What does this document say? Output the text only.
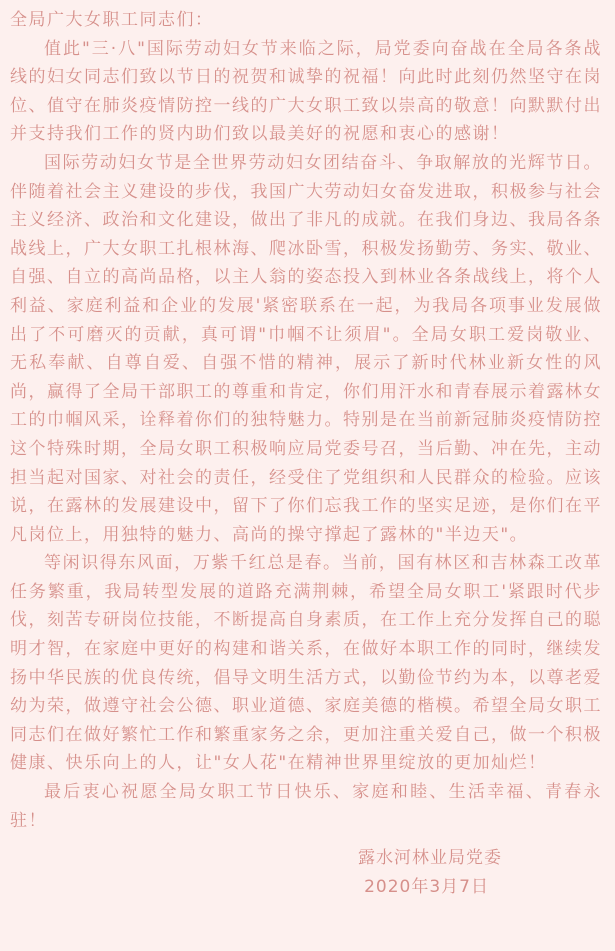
全局广大女职工同志们：

值此"三·八"国际劳动妇女节来临之际，局党委向奋战在全局各条战线的妇女同志们致以节日的祝贺和诚挚的祝福！向此时此刻仍然坚守在岗位、值守在肺炎疫情防控一线的广大女职工致以崇高的敬意！向默默付出并支持我们工作的贤内助们致以最美好的祝愿和衷心的感谢！

国际劳动妇女节是全世界劳动妇女团结奋斗、争取解放的光辉节日。伴随着社会主义建设的步伐，我国广大劳动妇女奋发进取，积极参与社会主义经济、政治和文化建设，做出了非凡的成就。在我们身边、我局各条战线上，广大女职工扎根林海、爬冰卧雪，积极发扬勤劳、务实、敬业、自强、自立的高尚品格，以主人翁的姿态投入到林业各条战线上，将个人利益、家庭利益和企业的发展'紧密联系在一起，为我局各项事业发展做出了不可磨灭的贡献，真可谓"巾帼不让须眉"。全局女职工爱岗敬业、无私奉献、自尊自爱、自强不惜的精神，展示了新时代林业新女性的风尚，赢得了全局干部职工的尊重和肯定，你们用汗水和青春展示着露林女工的巾帼风采，诠释着你们的独特魅力。特别是在当前新冠肺炎疫情防控这个特殊时期，全局女职工积极响应局党委号召，当后勤、冲在先，主动担当起对国家、对社会的责任，经受住了党组织和人民群众的检验。应该说，在露林的发展建设中，留下了你们忘我工作的坚实足迹，是你们在平凡岗位上，用独特的魅力、高尚的操守撑起了露林的"半边天"。

等闲识得东风面，万紫千红总是春。当前，国有林区和吉林森工改革任务繁重，我局转型发展的道路充满荆棘，希望全局女职工'紧跟时代步伐，刻苦专研岗位技能，不断提高自身素质，在工作上充分发挥自己的聪明才智，在家庭中更好的构建和谐关系，在做好本职工作的同时，继续发扬中华民族的优良传统，倡导文明生活方式，以勤俭节约为本，以尊老爱幼为荣，做遵守社会公德、职业道德、家庭美德的楷模。希望全局女职工同志们在做好繁忙工作和繁重家务之余，更加注重关爱自己，做一个积极健康、快乐向上的人，让"女人花"在精神世界里绽放的更加灿烂！

最后衷心祝愿全局女职工节日快乐、家庭和睦、生活幸福、青春永驻！

露水河林业局党委
2020年3月7日
